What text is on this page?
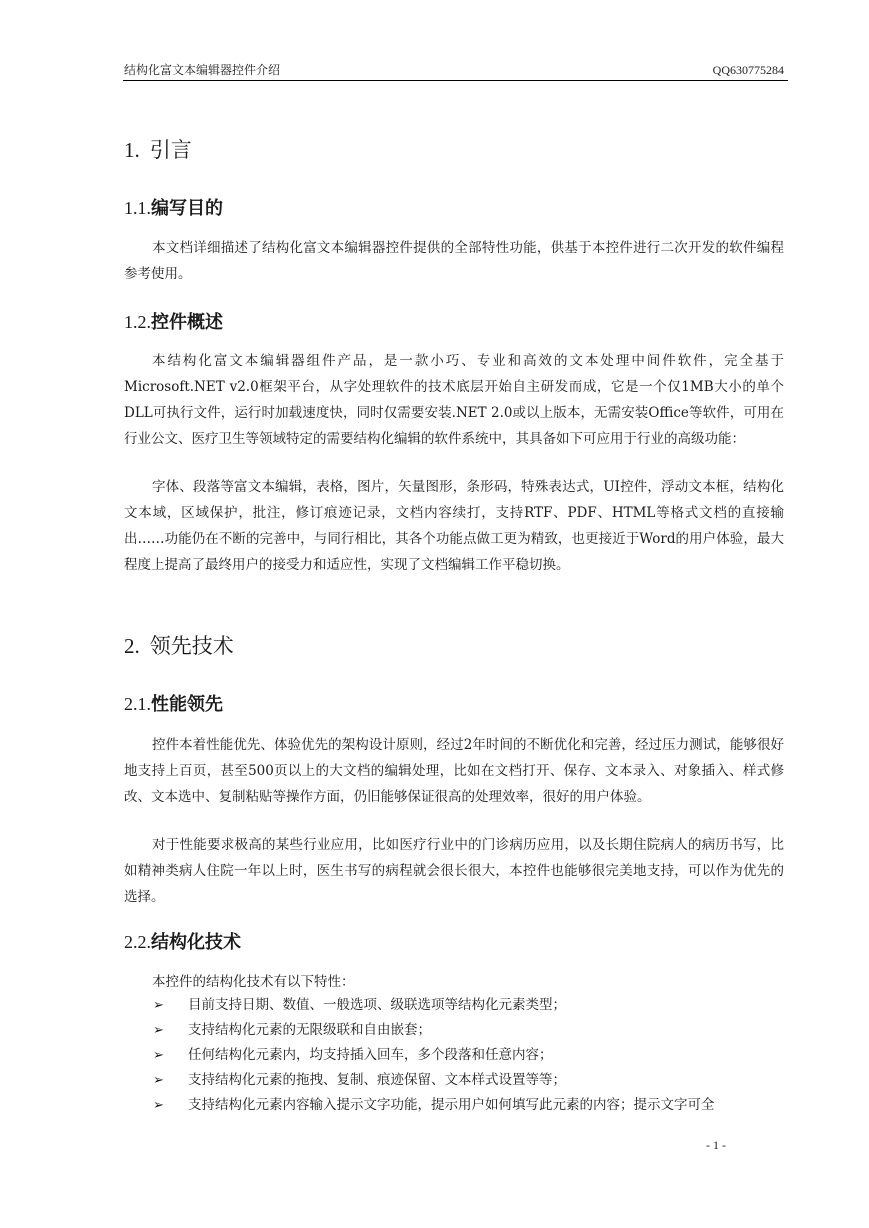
结构化富文本编辑器控件介绍	QQ630775284
1. 引言
1.1.编写目的

本文档详细描述了结构化富文本编辑器控件提供的全部特性功能，供基于本控件进行二次开发的软件编程参考使用。

1.2.控件概述

本结构化富文本编辑器组件产品，是一款小巧、专业和高效的文本处理中间件软件，完全基于Microsoft.NET v2.0框架平台，从字处理软件的技术底层开始自主研发而成，它是一个仅1MB大小的单个DLL可执行文件，运行时加载速度快，同时仅需要安装.NET 2.0或以上版本，无需安装Office等软件，可用在行业公文、医疗卫生等领域特定的需要结构化编辑的软件系统中，其具备如下可应用于行业的高级功能：

字体、段落等富文本编辑，表格，图片，矢量图形，条形码，特殊表达式，UI控件，浮动文本框，结构化文本域，区域保护，批注，修订痕迹记录，文档内容续打，支持RTF、PDF、HTML等格式文档的直接输出……功能仍在不断的完善中，与同行相比，其各个功能点做工更为精致，也更接近于Word的用户体验，最大程度上提高了最终用户的接受力和适应性，实现了文档编辑工作平稳切换。

2. 领先技术
2.1.性能领先

控件本着性能优先、体验优先的架构设计原则，经过2年时间的不断优化和完善，经过压力测试，能够很好地支持上百页，甚至500页以上的大文档的编辑处理，比如在文档打开、保存、文本录入、对象插入、样式修改、文本选中、复制粘贴等操作方面，仍旧能够保证很高的处理效率，很好的用户体验。

对于性能要求极高的某些行业应用，比如医疗行业中的门诊病历应用，以及长期住院病人的病历书写，比如精神类病人住院一年以上时，医生书写的病程就会很长很大，本控件也能够很完美地支持，可以作为优先的选择。

2.2.结构化技术

本控件的结构化技术有以下特性：

➢ 目前支持日期、数值、一般选项、级联选项等结构化元素类型；
➢ 支持结构化元素的无限级联和自由嵌套；
➢ 任何结构化元素内，均支持插入回车，多个段落和任意内容；
➢ 支持结构化元素的拖拽、复制、痕迹保留、文本样式设置等等；
➢ 支持结构化元素内容输入提示文字功能，提示用户如何填写此元素的内容；提示文字可全
- 1 -
